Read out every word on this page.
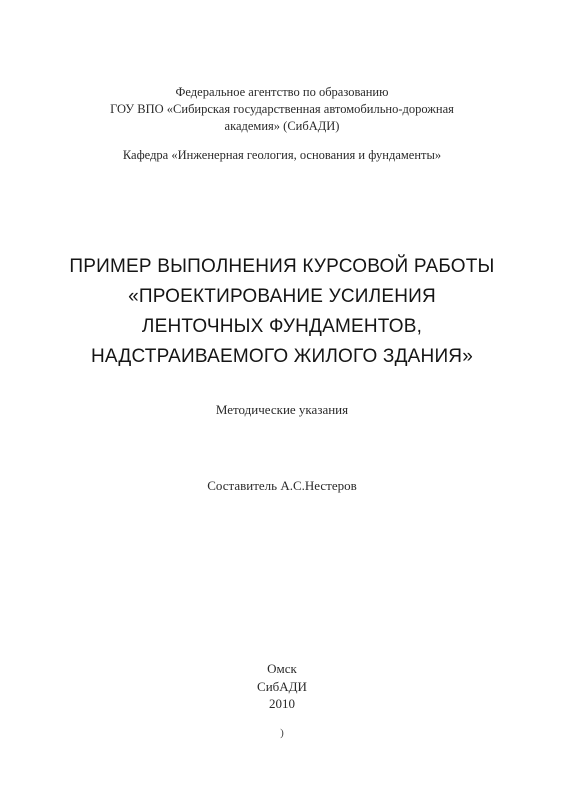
Федеральное агентство по образованию
ГОУ ВПО «Сибирская государственная автомобильно-дорожная
академия» (СибАДИ)
Кафедра «Инженерная геология, основания и фундаменты»
ПРИМЕР ВЫПОЛНЕНИЯ КУРСОВОЙ РАБОТЫ
«ПРОЕКТИРОВАНИЕ УСИЛЕНИЯ
ЛЕНТОЧНЫХ ФУНДАМЕНТОВ,
НАДСТРАИВАЕМОГО ЖИЛОГО ЗДАНИЯ»
Методические указания
Составитель А.С.Нестеров
Омск
СибАДИ
2010
)
